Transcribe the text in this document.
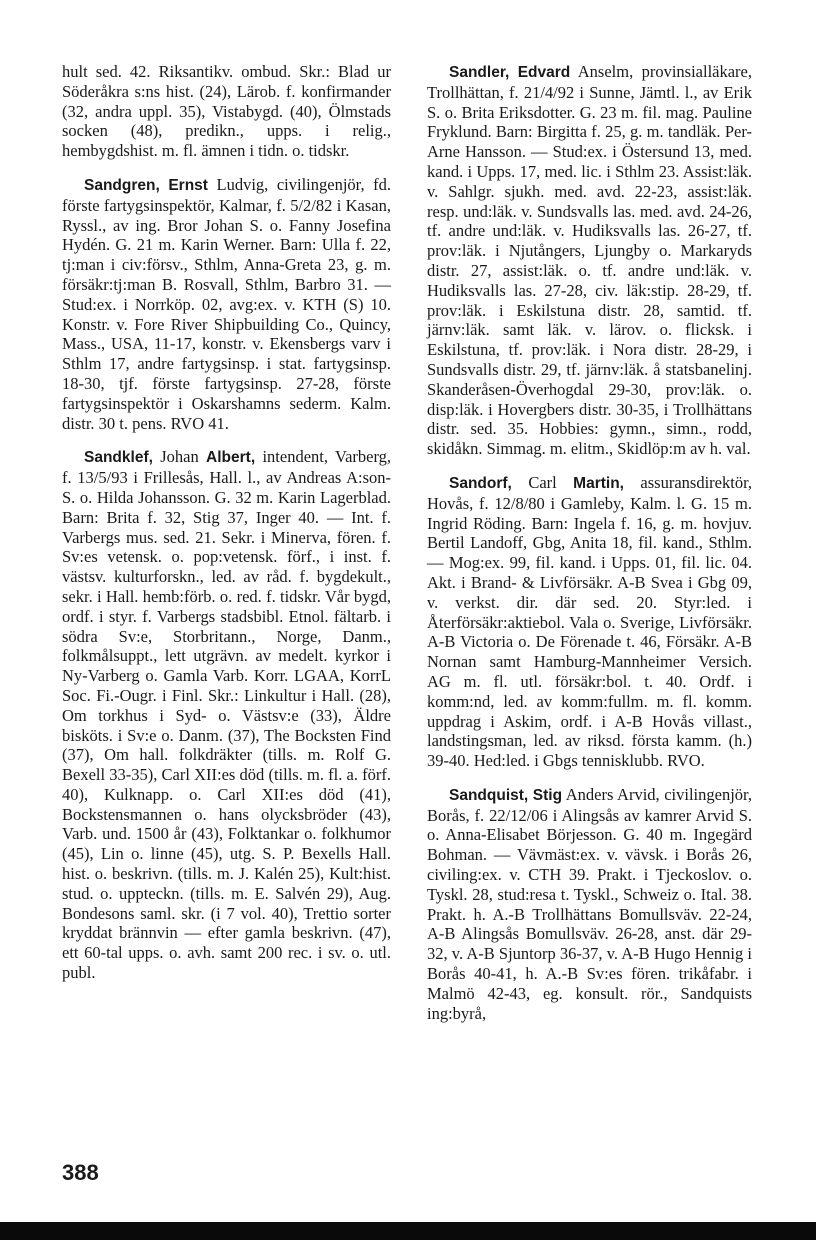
hult sed. 42. Riksantikv. ombud. Skr.: Blad ur Söderåkra s:ns hist. (24), Lärob. f. konfirmander (32, andra uppl. 35), Vistabygd. (40), Ölmstads socken (48), predikn., upps. i relig., hembygdshist. m. fl. ämnen i tidn. o. tidskr.

Sandgren, Ernst Ludvig, civilingenjör, fd. förste fartygsinspektör, Kalmar, f. 5/2/82 i Kasan, Ryssl., av ing. Bror Johan S. o. Fanny Josefina Hydén. G. 21 m. Karin Werner. Barn: Ulla f. 22, tj:man i civ:försv., Sthlm, Anna-Greta 23, g. m. försäkr:tj:man B. Rosvall, Sthlm, Barbro 31. — Stud:ex. i Norrköp. 02, avg:ex. v. KTH (S) 10. Konstr. v. Fore River Shipbuilding Co., Quincy, Mass., USA, 11-17, konstr. v. Ekensbergs varv i Sthlm 17, andre fartygsinsp. i stat. fartygsinsp. 18-30, tjf. förste fartygsinsp. 27-28, förste fartygsinspektör i Oskarshamns sederm. Kalm. distr. 30 t. pens. RVO 41.

Sandklef, Johan Albert, intendent, Varberg, f. 13/5/93 i Frillesås, Hall. l., av Andreas A:son-S. o. Hilda Johansson. G. 32 m. Karin Lagerblad. Barn: Brita f. 32, Stig 37, Inger 40. — Int. f. Varbergs mus. sed. 21. Sekr. i Minerva, fören. f. Sv:es vetensk. o. pop:vetensk. förf., i inst. f. västsv. kulturforskn., led. av råd. f. bygdekult., sekr. i Hall. hemb:förb. o. red. f. tidskr. Vår bygd, ordf. i styr. f. Varbergs stadsbibl. Etnol. fältarb. i södra Sv:e, Storbritann., Norge, Danm., folkmålsuppt., lett utgrävn. av medelt. kyrkor i Ny-Varberg o. Gamla Varb. Korr. LGAA, KorrL Soc. Fi.-Ougr. i Finl. Skr.: Linkultur i Hall. (28), Om torkhus i Syd- o. Västsv:e (33), Äldre bisköts. i Sv:e o. Danm. (37), The Bocksten Find (37), Om hall. folkdräkter (tills. m. Rolf G. Bexell 33-35), Carl XII:es död (tills. m. fl. a. förf. 40), Kulknapp. o. Carl XII:es död (41), Bockstensmannen o. hans olycksbröder (43), Varb. und. 1500 år (43), Folktankar o. folkhumor (45), Lin o. linne (45), utg. S. P. Bexells Hall. hist. o. beskrivn. (tills. m. J. Kalén 25), Kult:hist. stud. o. uppteckn. (tills. m. E. Salvén 29), Aug. Bondesons saml. skr. (i 7 vol. 40), Trettio sorter kryddat brännvin — efter gamla beskrivn. (47), ett 60-tal upps. o. avh. samt 200 rec. i sv. o. utl. publ.

Sandler, Edvard Anselm, provinsialläkare, Trollhättan, f. 21/4/92 i Sunne, Jämtl. l., av Erik S. o. Brita Eriksdotter. G. 23 m. fil. mag. Pauline Fryklund. Barn: Birgitta f. 25, g. m. tandläk. Per-Arne Hansson. — Stud:ex. i Östersund 13, med. kand. i Upps. 17, med. lic. i Sthlm 23. Assist:läk. v. Sahlgr. sjukh. med. avd. 22-23, assist:läk. resp. und:läk. v. Sundsvalls las. med. avd. 24-26, tf. andre und:läk. v. Hudiksvalls las. 26-27, tf. prov:läk. i Njutångers, Ljungby o. Markaryds distr. 27, assist:läk. o. tf. andre und:läk. v. Hudiksvalls las. 27-28, civ. läk:stip. 28-29, tf. prov:läk. i Eskilstuna distr. 28, samtid. tf. järnv:läk. samt läk. v. lärov. o. flicksk. i Eskilstuna, tf. prov:läk. i Nora distr. 28-29, i Sundsvalls distr. 29, tf. järnv:läk. å statsbanelinj. Skanderåsen-Överhogdal 29-30, prov:läk. o. disp:läk. i Hovergbers distr. 30-35, i Trollhättans distr. sed. 35. Hobbies: gymn., simn., rodd, skidåkn. Simmag. m. elitm., Skidlöp:m av h. val.

Sandorf, Carl Martin, assuransdirektör, Hovås, f. 12/8/80 i Gamleby, Kalm. l. G. 15 m. Ingrid Röding. Barn: Ingela f. 16, g. m. hovjuv. Bertil Landoff, Gbg, Anita 18, fil. kand., Sthlm. — Mog:ex. 99, fil. kand. i Upps. 01, fil. lic. 04. Akt. i Brand- & Livförsäkr. A-B Svea i Gbg 09, v. verkst. dir. där sed. 20. Styr:led. i Återförsäkr:aktiebol. Vala o. Sverige, Livförsäkr. A-B Victoria o. De Förenade t. 46, Försäkr. A-B Nornan samt Hamburg-Mannheimer Versich. AG m. fl. utl. försäkr:bol. t. 40. Ordf. i komm:nd, led. av komm:fullm. m. fl. komm. uppdrag i Askim, ordf. i A-B Hovås villast., landstingsman, led. av riksd. första kamm. (h.) 39-40. Hed:led. i Gbgs tennisklubb. RVO.

Sandquist, Stig Anders Arvid, civilingenjör, Borås, f. 22/12/06 i Alingsås av kamrer Arvid S. o. Anna-Elisabet Börjesson. G. 40 m. Ingegärd Bohman. — Vävmäst:ex. v. vävsk. i Borås 26, civiling:ex. v. CTH 39. Prakt. i Tjeckoslov. o. Tyskl. 28, stud:resa t. Tyskl., Schweiz o. Ital. 38. Prakt. h. A.-B Trollhättans Bomullsväv. 22-24, A-B Alingsås Bomullsväv. 26-28, anst. där 29-32, v. A-B Sjuntorp 36-37, v. A-B Hugo Hennig i Borås 40-41, h. A.-B Sv:es fören. trikåfabr. i Malmö 42-43, eg. konsult. rör., Sandquists ing:byrå,

388
